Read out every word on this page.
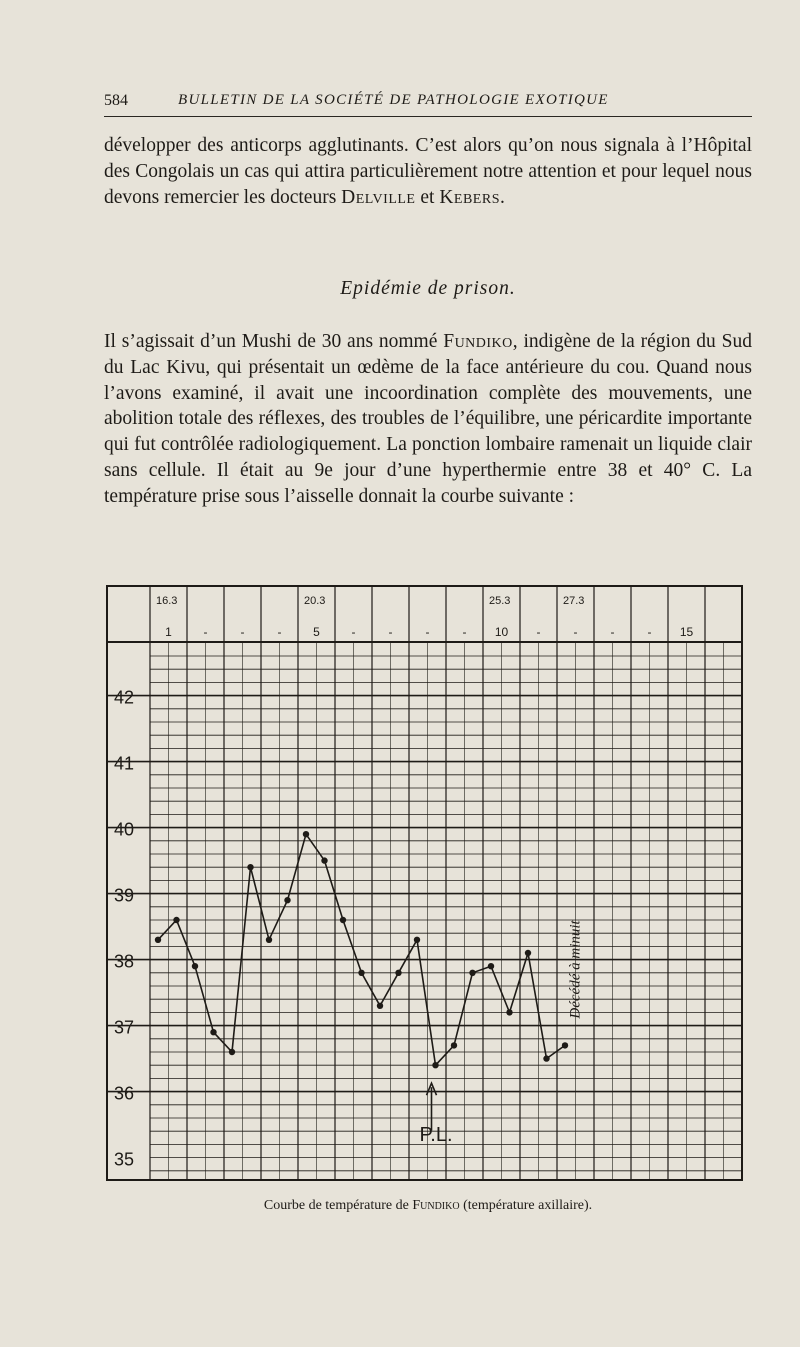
584	BULLETIN DE LA SOCIÉTÉ DE PATHOLOGIE EXOTIQUE

développer des anticorps agglutinants. C’est alors qu’on nous signala à l’Hôpital des Congolais un cas qui attira particulièrement notre attention et pour lequel nous devons remercier les docteurs Delville et Kebers.

Epidémie de prison.

Il s’agissait d’un Mushi de 30 ans nommé Fundiko, indigène de la région du Sud du Lac Kivu, qui présentait un œdème de la face antérieure du cou. Quand nous l’avons examiné, il avait une incoordination complète des mouvements, une abolition totale des réflexes, des troubles de l’équilibre, une péricardite importante qui fut contrôlée radiologiquement. La ponction lombaire ramenait un liquide clair sans cellule. Il était au 9e jour d’une hyperthermie entre 38 et 40° C. La température prise sous l’aisselle donnait la courbe suivante :

35
36
37
38
39
40
41
42
16.3	20.3	25.3	27.3
1	-	-	-	5	-	-	-	- 10 -	-	-	- 15
P.L.
Décédé à minuit
Courbe de température de Fundiko (température axillaire).
